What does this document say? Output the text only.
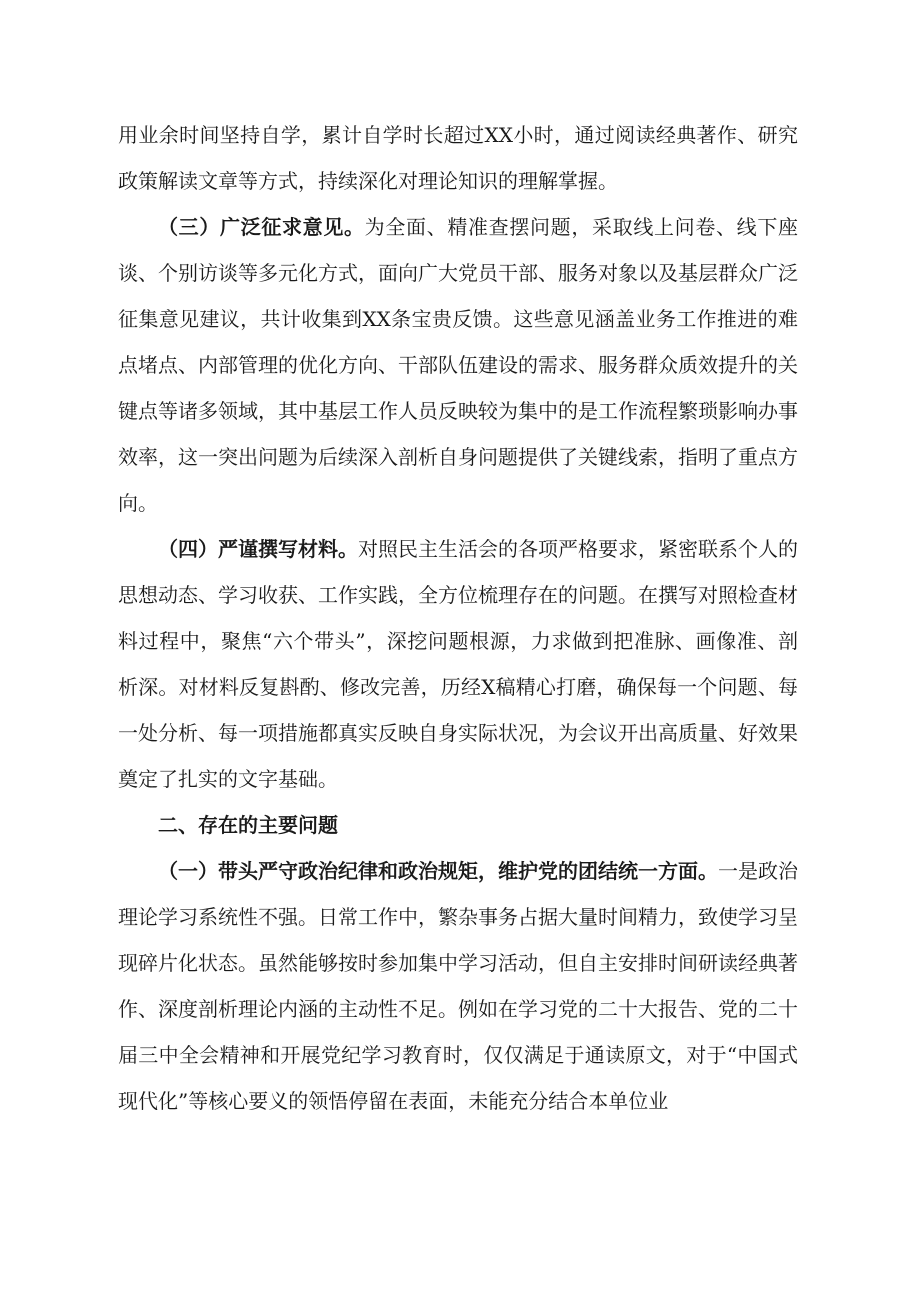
用业余时间坚持自学，累计自学时长超过XX小时，通过阅读经典著作、研究政策解读文章等方式，持续深化对理论知识的理解掌握。

（三）广泛征求意见。为全面、精准查摆问题，采取线上问卷、线下座谈、个别访谈等多元化方式，面向广大党员干部、服务对象以及基层群众广泛征集意见建议，共计收集到XX条宝贵反馈。这些意见涵盖业务工作推进的难点堵点、内部管理的优化方向、干部队伍建设的需求、服务群众质效提升的关键点等诸多领域，其中基层工作人员反映较为集中的是工作流程繁琐影响办事效率，这一突出问题为后续深入剖析自身问题提供了关键线索，指明了重点方向。

（四）严谨撰写材料。对照民主生活会的各项严格要求，紧密联系个人的思想动态、学习收获、工作实践，全方位梳理存在的问题。在撰写对照检查材料过程中，聚焦“六个带头”，深挖问题根源，力求做到把准脉、画像准、剖析深。对材料反复斟酌、修改完善，历经X稿精心打磨，确保每一个问题、每一处分析、每一项措施都真实反映自身实际状况，为会议开出高质量、好效果奠定了扎实的文字基础。

二、存在的主要问题

（一）带头严守政治纪律和政治规矩，维护党的团结统一方面。一是政治理论学习系统性不强。日常工作中，繁杂事务占据大量时间精力，致使学习呈现碎片化状态。虽然能够按时参加集中学习活动，但自主安排时间研读经典著作、深度剖析理论内涵的主动性不足。例如在学习党的二十大报告、党的二十届三中全会精神和开展党纪学习教育时，仅仅满足于通读原文，对于“中国式现代化”等核心要义的领悟停留在表面，未能充分结合本单位业
